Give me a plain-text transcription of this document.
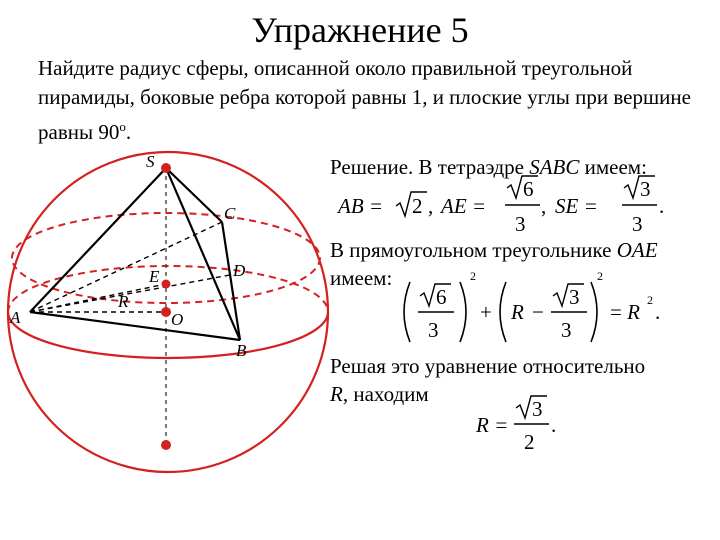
Упражнение 5
Найдите радиус сферы, описанной около правильной треугольной пирамиды, боковые ребра которой равны 1, и плоские углы при вершине равны 90$^o$.
Решение. В тетраэдре SABC имеем:
В прямоугольном треугольнике OAE
имеем:
Решая это уравнение относительно
R, находим
S
C
D
E
A
R
O
B
AB = 2 , AE =
6
3
, SE =
3
3
.
6
3
2
+ R −
3
3
2
= R 2 .
R =
3
2
.
